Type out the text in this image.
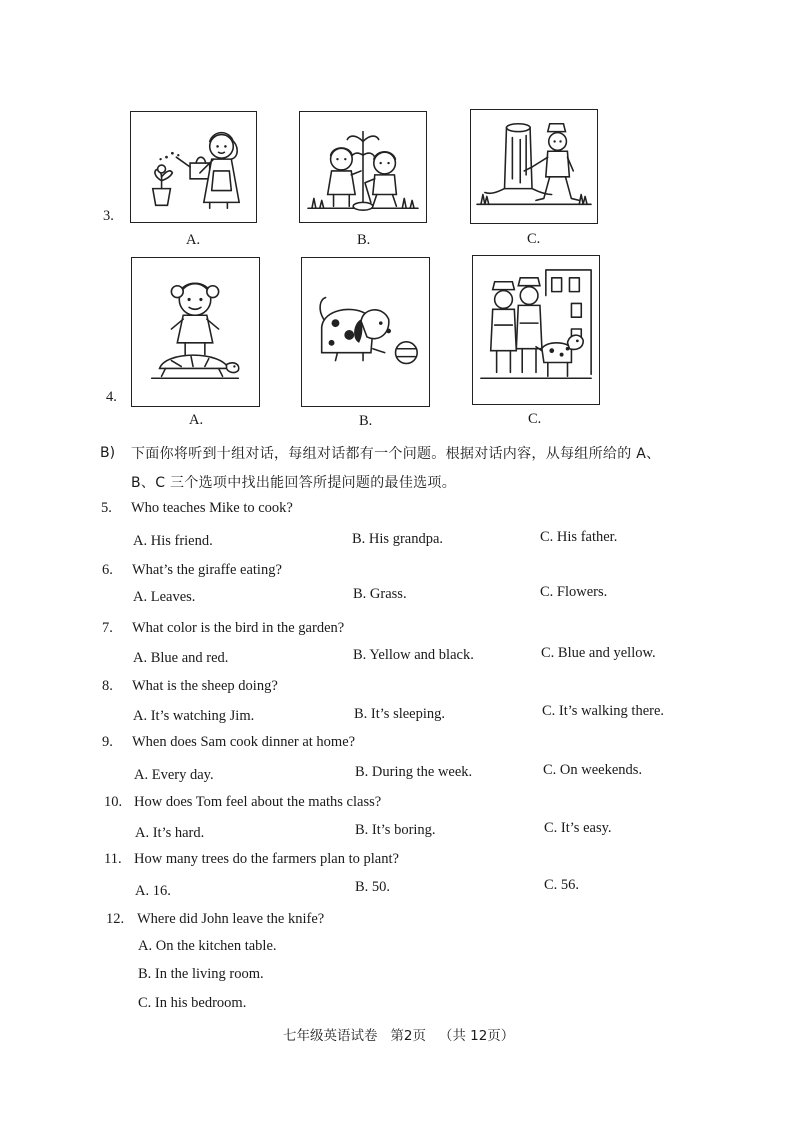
3.
A.	B.	C.
4.
A.	B.	C.
B) 下面你将听到十组对话，每组对话都有一个问题。根据对话内容，从每组所给的 A、
B、C 三个选项中找出能回答所提问题的最佳选项。
5. Who teaches Mike to cook?
A. His friend.	B. His grandpa.	C. His father.
6. What’s the giraffe eating?
A. Leaves.	B. Grass.	C. Flowers.
7. What color is the bird in the garden?
A. Blue and red.	B. Yellow and black.	C. Blue and yellow.
8. What is the sheep doing?
A. It’s watching Jim.	B. It’s sleeping.	C. It’s walking there.
9. When does Sam cook dinner at home?
A. Every day.	B. During the week.	C. On weekends.
10. How does Tom feel about the maths class?
A. It’s hard.	B. It’s boring.	C. It’s easy.
11. How many trees do the farmers plan to plant?
A. 16.	B. 50.	C. 56.
12. Where did John leave the knife?
A. On the kitchen table.
B. In the living room.
C. In his bedroom.
七年级英语试卷   第2页   （共 12页）
